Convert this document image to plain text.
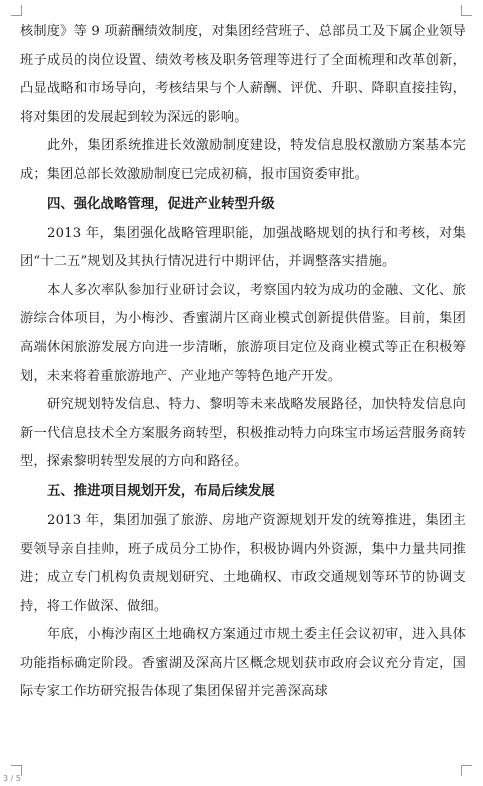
核制度》等 9 项薪酬绩效制度，对集团经营班子、总部员工及下属企业领导班子成员的岗位设置、绩效考核及职务管理等进行了全面梳理和改革创新，凸显战略和市场导向，考核结果与个人薪酬、评优、升职、降职直接挂钩，将对集团的发展起到较为深远的影响。

此外，集团系统推进长效激励制度建设，特发信息股权激励方案基本完成；集团总部长效激励制度已完成初稿，报市国资委审批。

四、强化战略管理，促进产业转型升级

2013 年，集团强化战略管理职能，加强战略规划的执行和考核，对集团“十二五”规划及其执行情况进行中期评估，并调整落实措施。

本人多次率队参加行业研讨会议，考察国内较为成功的金融、文化、旅游综合体项目，为小梅沙、香蜜湖片区商业模式创新提供借鉴。目前，集团高端休闲旅游发展方向进一步清晰，旅游项目定位及商业模式等正在积极筹划，未来将着重旅游地产、产业地产等特色地产开发。

研究规划特发信息、特力、黎明等未来战略发展路径，加快特发信息向新一代信息技术全方案服务商转型，积极推动特力向珠宝市场运营服务商转型，探索黎明转型发展的方向和路径。

五、推进项目规划开发，布局后续发展

2013 年，集团加强了旅游、房地产资源规划开发的统筹推进，集团主要领导亲自挂帅，班子成员分工协作，积极协调内外资源，集中力量共同推进；成立专门机构负责规划研究、土地确权、市政交通规划等环节的协调支持，将工作做深、做细。

年底，小梅沙南区土地确权方案通过市规土委主任会议初审，进入具体功能指标确定阶段。香蜜湖及深高片区概念规划获市政府会议充分肯定，国际专家工作坊研究报告体现了集团保留并完善深高球

3 / 5
